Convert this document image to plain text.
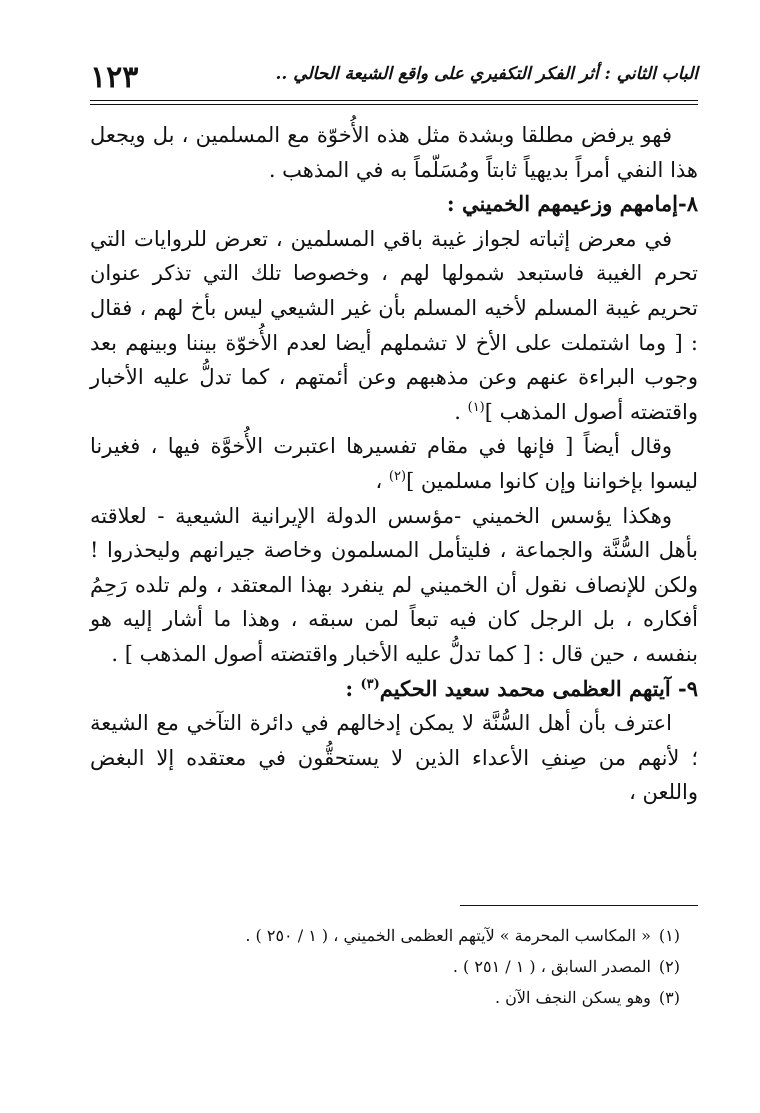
١٢٣	الباب الثاني : أثر الفكر التكفيري على واقع الشيعة الحالي ..

فهو يرفض مطلقا وبشدة مثل هذه الأُخوّة مع المسلمين ، بل ويجعل هذا النفي أمراً بديهياً ثابتاً ومُسَلّماً به في المذهب .

٨-إمامهم وزعيمهم الخميني :

في معرض إثباته لجواز غيبة باقي المسلمين ، تعرض للروايات التي تحرم الغيبة فاستبعد شمولها لهم ، وخصوصا تلك التي تذكر عنوان تحريم غيبة المسلم لأخيه المسلم بأن غير الشيعي ليس بأخ لهم ، فقال : [ وما اشتملت على الأخ لا تشملهم أيضا لعدم الأُخوّة بيننا وبينهم بعد وجوب البراءة عنهم وعن مذهبهم وعن أئمتهم ، كما تدلُّ عليه الأخبار واقتضته أصول المذهب ]$^{(١)}$ .

وقال أيضاً [ فإنها في مقام تفسيرها اعتبرت الأُخوَّة فيها ، فغيرنا ليسوا بإخواننا وإن كانوا مسلمين ]$^{(٢)}$ ،

وهكذا يؤسس الخميني -مؤسس الدولة الإيرانية الشيعية - لعلاقته بأهل السُّنَّة والجماعة ، فليتأمل المسلمون وخاصة جيرانهم وليحذروا ! ولكن للإنصاف نقول أن الخميني لم ينفرد بهذا المعتقد ، ولم تلده رَحِمُ أفكاره ، بل الرجل كان فيه تبعاً لمن سبقه ، وهذا ما أشار إليه هو بنفسه ، حين قال : [ كما تدلُّ عليه الأخبار واقتضته أصول المذهب ] .

٩- آيتهم العظمى محمد سعيد الحكيم$^{(٣)}$ :

اعترف بأن أهل السُّنَّة لا يمكن إدخالهم في دائرة التآخي مع الشيعة ؛ لأنهم من صِنفِ الأعداء الذين لا يستحقُّون في معتقده إلا البغض واللعن ،

(١)« المكاسب المحرمة » لآيتهم العظمى الخميني ، ( ١ / ٢٥٠ ) .

(٢)المصدر السابق ، ( ١ / ٢٥١ ) .

(٣)وهو يسكن النجف الآن .
